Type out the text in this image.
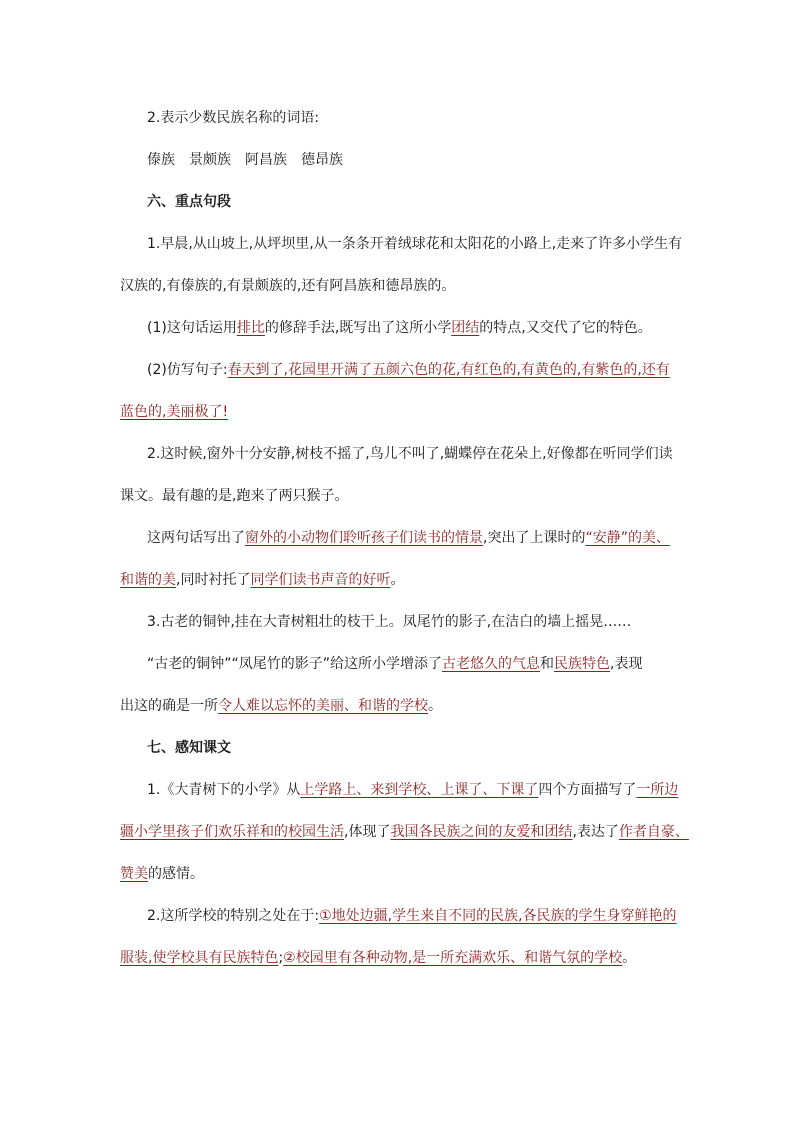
2.表示少数民族名称的词语:
傣族　景颇族　阿昌族　德昂族
六、重点句段
1.早晨,从山坡上,从坪坝里,从一条条开着绒球花和太阳花的小路上,走来了许多小学生有
汉族的,有傣族的,有景颇族的,还有阿昌族和德昂族的。
(1)这句话运用排比的修辞手法,既写出了这所小学团结的特点,又交代了它的特色。
(2)仿写句子:春天到了,花园里开满了五颜六色的花,有红色的,有黄色的,有紫色的,还有
蓝色的,美丽极了!
2.这时候,窗外十分安静,树枝不摇了,鸟儿不叫了,蝴蝶停在花朵上,好像都在听同学们读
课文。最有趣的是,跑来了两只猴子。
这两句话写出了窗外的小动物们聆听孩子们读书的情景,突出了上课时的“安静”的美、
和谐的美,同时衬托了同学们读书声音的好听。
3.古老的铜钟,挂在大青树粗壮的枝干上。凤尾竹的影子,在洁白的墙上摇晃……
“古老的铜钟”“凤尾竹的影子”给这所小学增添了古老悠久的气息和民族特色,表现
出这的确是一所令人难以忘怀的美丽、和谐的学校。
七、感知课文
1.《大青树下的小学》从上学路上、来到学校、上课了、下课了四个方面描写了一所边
疆小学里孩子们欢乐祥和的校园生活,体现了我国各民族之间的友爱和团结,表达了作者自豪、
赞美的感情。
2.这所学校的特别之处在于:①地处边疆,学生来自不同的民族,各民族的学生身穿鲜艳的
服装,使学校具有民族特色;②校园里有各种动物,是一所充满欢乐、和谐气氛的学校。
